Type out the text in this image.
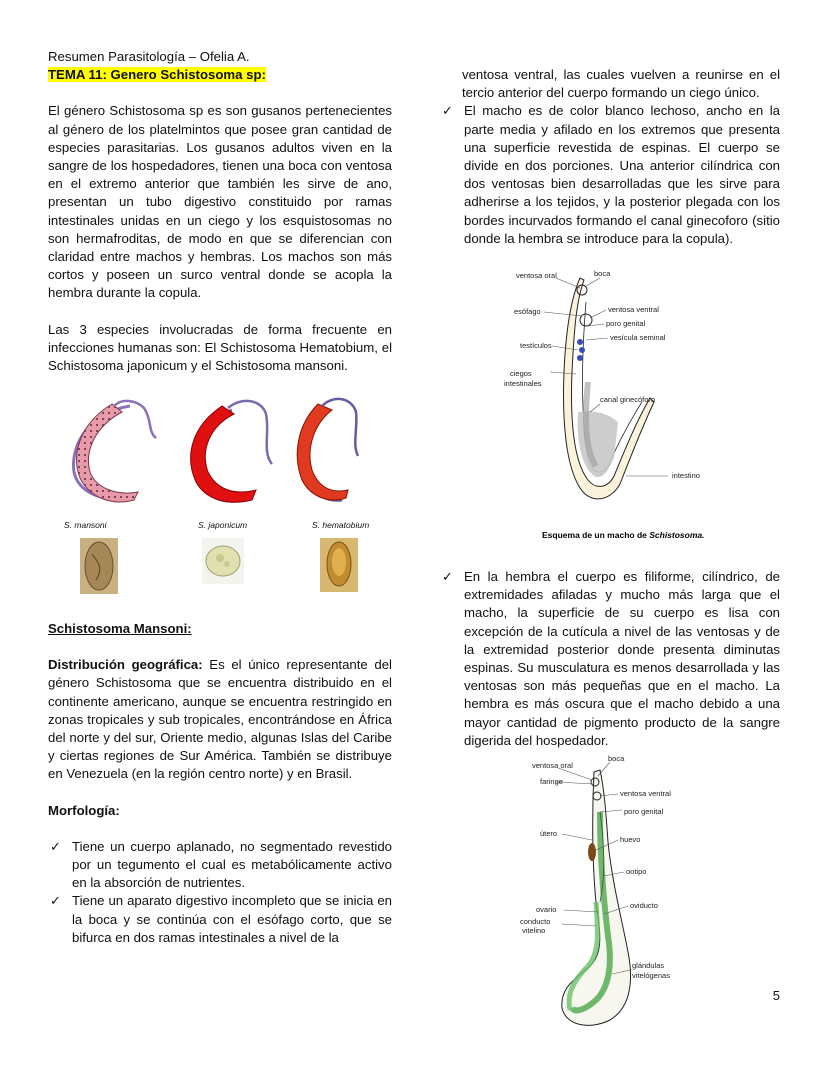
Resumen Parasitología – Ofelia A.

TEMA 11: Genero Schistosoma sp:

El género Schistosoma sp es son gusanos pertenecientes al género de los platelmintos que posee gran cantidad de especies parasitarias. Los gusanos adultos viven en la sangre de los hospedadores, tienen una boca con ventosa en el extremo anterior que también les sirve de ano, presentan un tubo digestivo constituido por ramas intestinales unidas en un ciego y los esquistosomas no son hermafroditas, de modo en que se diferencian con claridad entre machos y hembras. Los machos son más cortos y poseen un surco ventral donde se acopla la hembra durante la copula.

Las 3 especies involucradas de forma frecuente en infecciones humanas son: El Schistosoma Hematobium, el Schistosoma japonicum y el Schistosoma mansoni.

S. mansoni	S. japonicum	S. hematobium

Schistosoma Mansoni:

Distribución geográfica: Es el único representante del género Schistosoma que se encuentra distribuido en el continente americano, aunque se encuentra restringido en zonas tropicales y sub tropicales, encontrándose en África del norte y del sur, Oriente medio, algunas Islas del Caribe y ciertas regiones de Sur América. También se distribuye en Venezuela (en la región centro norte) y en Brasil.

Morfología:

✓ Tiene un cuerpo aplanado, no segmentado revestido por un tegumento el cual es metabólicamente activo en la absorción de nutrientes.
✓ Tiene un aparato digestivo incompleto que se inicia en la boca y se continúa con el esófago corto, que se bifurca en dos ramas intestinales a nivel de la
ventosa ventral, las cuales vuelven a reunirse en el tercio anterior del cuerpo formando un ciego único.
✓ El macho es de color blanco lechoso, ancho en la parte media y afilado en los extremos que presenta una superficie revestida de espinas. El cuerpo se divide en dos porciones. Una anterior cilíndrica con dos ventosas bien desarrolladas que les sirve para adherirse a los tejidos, y la posterior plegada con los bordes incurvados formando el canal ginecoforo (sitio donde la hembra se introduce para la copula).
ventosa oral	boca
esófago	ventosa ventral
poro genital
vesícula seminal
testículos
ciegos
intestinales
canal ginecóforo
intestino
Esquema de un macho de Schistosoma.
✓ En la hembra el cuerpo es filiforme, cilíndrico, de extremidades afiladas y mucho más larga que el macho, la superficie de su cuerpo es lisa con excepción de la cutícula a nivel de las ventosas y de la extremidad posterior donde presenta diminutas espinas. Su musculatura es menos desarrollada y las ventosas son más pequeñas que en el macho. La hembra es más oscura que el macho debido a una mayor cantidad de pigmento producto de la sangre digerida del hospedador.
boca
ventosa oral
faringe
ventosa ventral
poro genital
útero
huevo
ootipo
ovario	oviducto
conducto
vitelino
glándulas
vitelógenas
5
